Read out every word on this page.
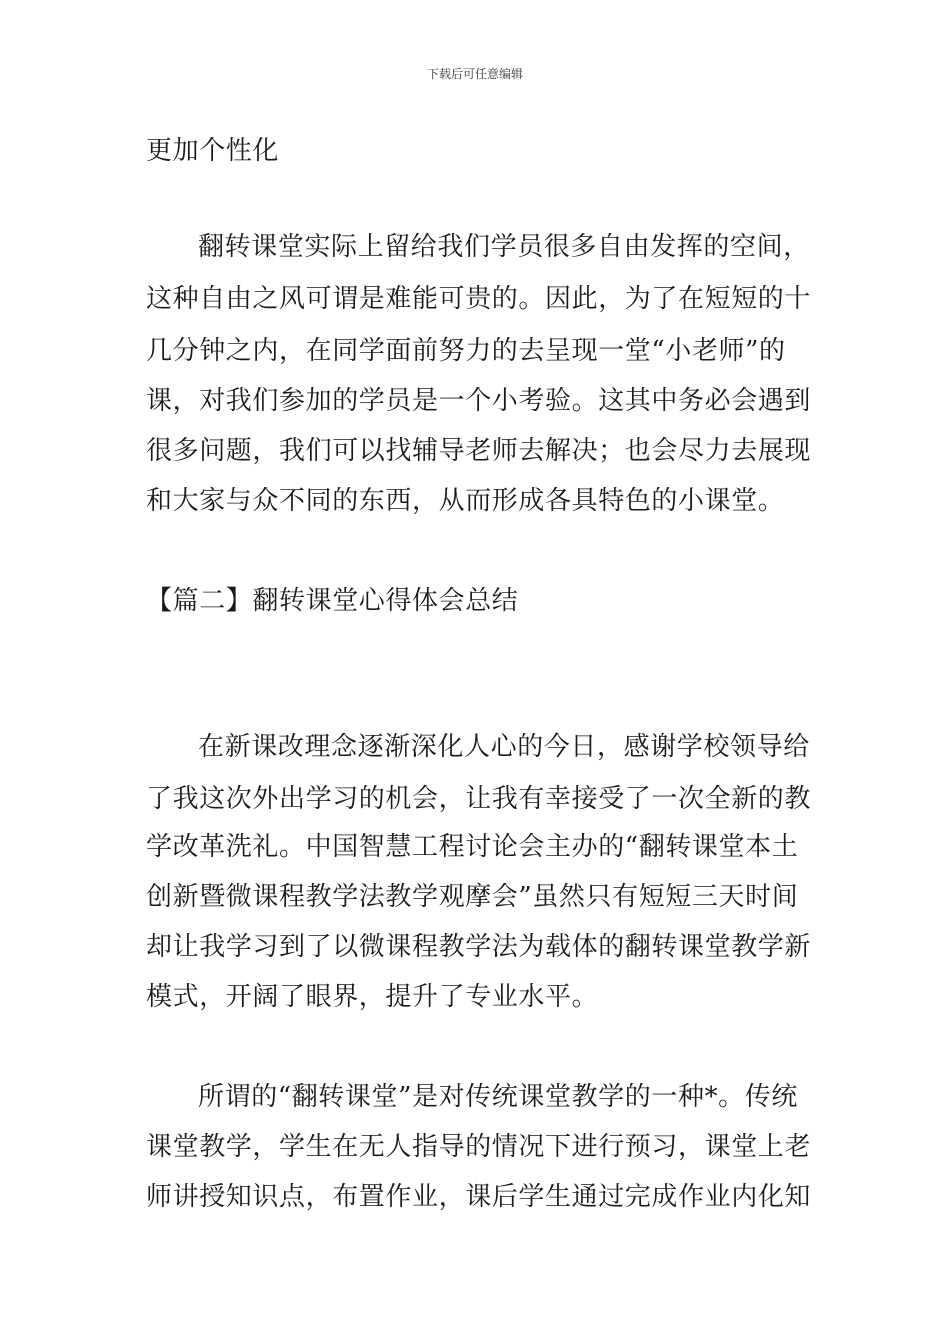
下载后可任意编辑
更加个性化
翻转课堂实际上留给我们学员很多自由发挥的空间，
这种自由之风可谓是难能可贵的。因此，为了在短短的十
几分钟之内，在同学面前努力的去呈现一堂“小老师”的
课，对我们参加的学员是一个小考验。这其中务必会遇到
很多问题，我们可以找辅导老师去解决；也会尽力去展现
和大家与众不同的东西，从而形成各具特色的小课堂。
【篇二】翻转课堂心得体会总结
在新课改理念逐渐深化人心的今日，感谢学校领导给
了我这次外出学习的机会，让我有幸接受了一次全新的教
学改革洗礼。中国智慧工程讨论会主办的“翻转课堂本土
创新暨微课程教学法教学观摩会”虽然只有短短三天时间
却让我学习到了以微课程教学法为载体的翻转课堂教学新
模式，开阔了眼界，提升了专业水平。
所谓的“翻转课堂”是对传统课堂教学的一种*。传统
课堂教学，学生在无人指导的情况下进行预习，课堂上老
师讲授知识点，布置作业，课后学生通过完成作业内化知
